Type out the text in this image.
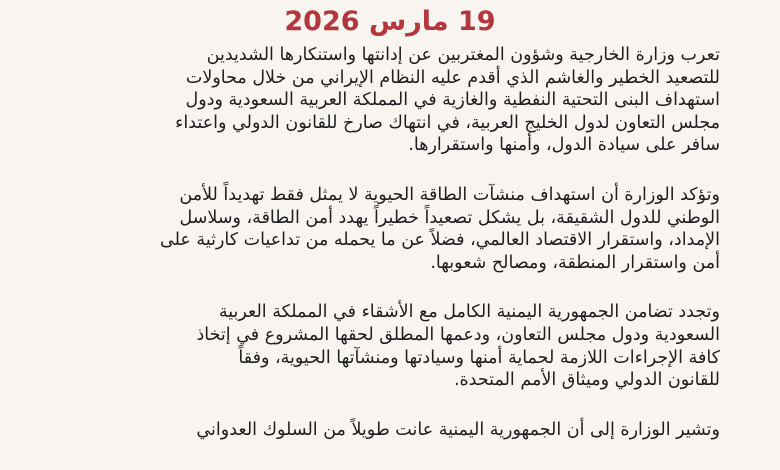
19 مارس 2026
تعرب وزارة الخارجية وشؤون المغتربين عن إدانتها واستنكارها الشديدين
للتصعيد الخطير والغاشم الذي أقدم عليه النظام الإيراني من خلال محاولات
استهداف البنى التحتية النفطية والغازية في المملكة العربية السعودية ودول
مجلس التعاون لدول الخليج العربية، في انتهاك صارخ للقانون الدولي واعتداء
سافر على سيادة الدول، وأمنها واستقرارها.
وتؤكد الوزارة أن استهداف منشآت الطاقة الحيوية لا يمثل فقط تهديداً للأمن
الوطني للدول الشقيقة، بل يشكل تصعيداً خطيراً يهدد أمن الطاقة، وسلاسل
الإمداد، واستقرار الاقتصاد العالمي، فضلاً عن ما يحمله من تداعيات كارثية على
أمن واستقرار المنطقة، ومصالح شعوبها.
وتجدد تضامن الجمهورية اليمنية الكامل مع الأشقاء في المملكة العربية
السعودية ودول مجلس التعاون، ودعمها المطلق لحقها المشروع في إتخاذ
كافة الإجراءات اللازمة لحماية أمنها وسيادتها ومنشآتها الحيوية، وفقاً
للقانون الدولي وميثاق الأمم المتحدة.
وتشير الوزارة إلى أن الجمهورية اليمنية عانت طويلاً من السلوك العدواني
